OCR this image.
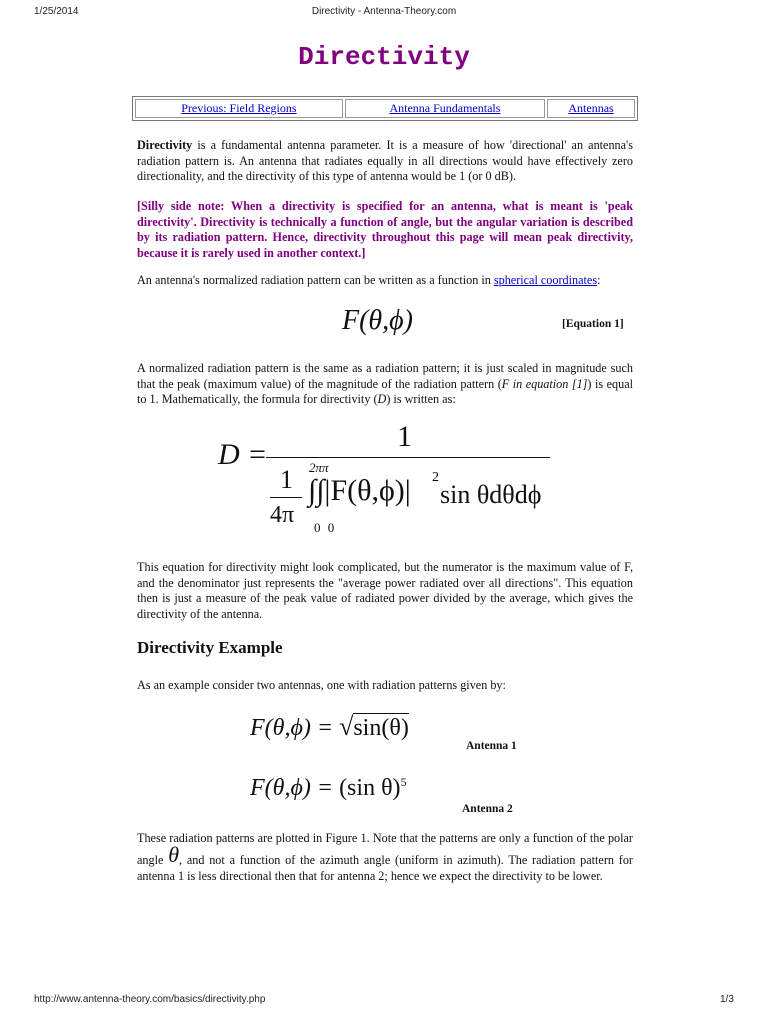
1/25/2014	Directivity - Antenna-Theory.com
Directivity
Previous: Field Regions	Antenna Fundamentals	Antennas
Directivity is a fundamental antenna parameter. It is a measure of how 'directional' an antenna's radiation pattern is. An antenna that radiates equally in all directions would have effectively zero directionality, and the directivity of this type of antenna would be 1 (or 0 dB).
[Silly side note: When a directivity is specified for an antenna, what is meant is 'peak directivity'. Directivity is technically a function of angle, but the angular variation is described by its radiation pattern. Hence, directivity throughout this page will mean peak directivity, because it is rarely used in another context.]
An antenna's normalized radiation pattern can be written as a function in spherical coordinates:
F(θ,ϕ)	[Equation 1]
A normalized radiation pattern is the same as a radiation pattern; it is just scaled in magnitude such that the peak (maximum value) of the magnitude of the radiation pattern (F in equation [1]) is equal to 1. Mathematically, the formula for directivity (D) is written as:
D =
1
1
4π
2ππ
0 0
∫∫|F(θ,ϕ)| 2
sin θdθdϕ
This equation for directivity might look complicated, but the numerator is the maximum value of F, and the denominator just represents the "average power radiated over all directions". This equation then is just a measure of the peak value of radiated power divided by the average, which gives the directivity of the antenna.
Directivity Example
As an example consider two antennas, one with radiation patterns given by:
F(θ,ϕ) = √sin(θ)
Antenna 1
F(θ,ϕ) = (sin θ)$^5$
Antenna 2
These radiation patterns are plotted in Figure 1. Note that the patterns are only a function of the polar angle θ, and not a function of the azimuth angle (uniform in azimuth). The radiation pattern for antenna 1 is less directional then that for antenna 2; hence we expect the directivity to be lower.
http://www.antenna-theory.com/basics/directivity.php	1/3
